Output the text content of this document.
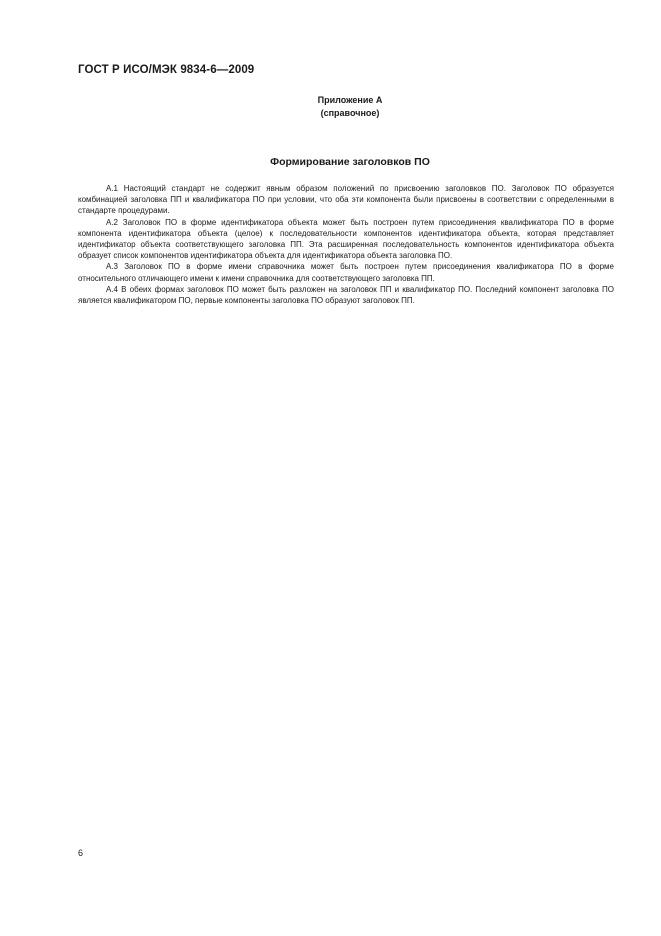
ГОСТ Р ИСО/МЭК 9834-6—2009
Приложение А
(справочное)
Формирование заголовков ПО

А.1 Настоящий стандарт не содержит явным образом положений по присвоению заголовков ПО. Заголовок ПО образуется комбинацией заголовка ПП и квалификатора ПО при условии, что оба эти компонента были присвоены в соответствии с определенными в стандарте процедурами.

А.2 Заголовок ПО в форме идентификатора объекта может быть построен путем присоединения квалификатора ПО в форме компонента идентификатора объекта (целое) к последовательности компонентов идентификатора объекта, которая представляет идентификатор объекта соответствующего заголовка ПП. Эта расширенная последовательность компонентов идентификатора объекта образует список компонентов идентификатора объекта для идентификатора объекта заголовка ПО.

А.3 Заголовок ПО в форме имени справочника может быть построен путем присоединения квалификатора ПО в форме относительного отличающего имени к имени справочника для соответствующего заголовка ПП.

А.4 В обеих формах заголовок ПО может быть разложен на заголовок ПП и квалификатор ПО. Последний компонент заголовка ПО является квалификатором ПО, первые компоненты заголовка ПО образуют заголовок ПП.

6
